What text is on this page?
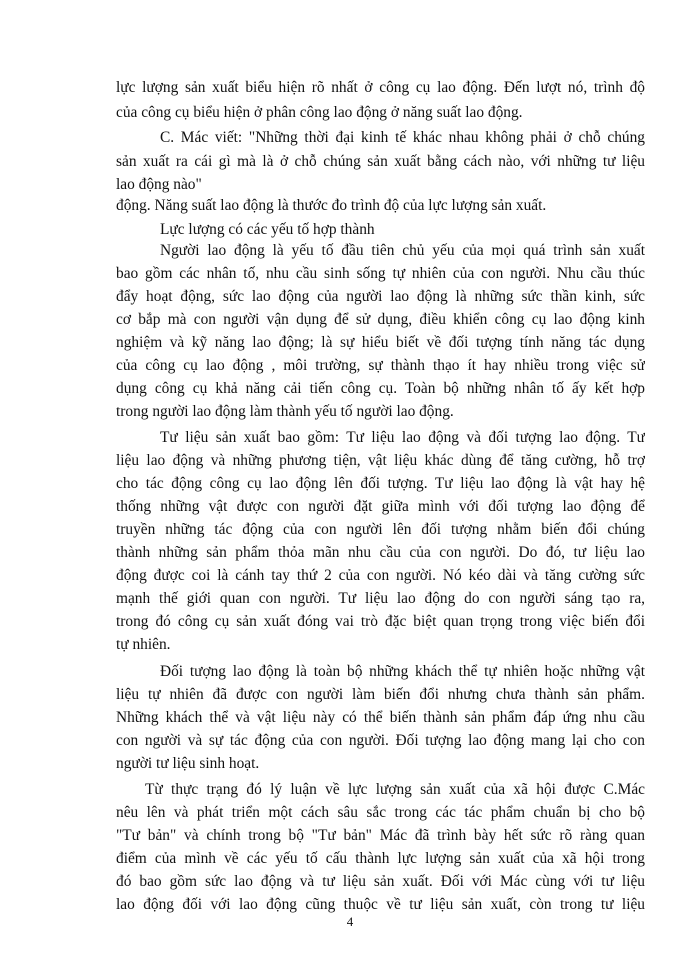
lực lượng sản xuất biểu hiện rõ nhất ở công cụ lao động. Đến lượt nó, trình độ
của công cụ biểu hiện ở phân công lao động ở năng suất lao động.
C. Mác viết: "Những thời đại kinh tế khác nhau không phải ở chỗ chúng
sản xuất ra cái gì mà là ở chỗ chúng sản xuất bằng cách nào, với những tư liệu
lao động nào"
động. Năng suất lao động là thước đo trình độ của lực lượng sản xuất.
Lực lượng có các yếu tố hợp thành
Người lao động là yếu tố đầu tiên chủ yếu của mọi quá trình sản xuất
bao gồm các nhân tố, nhu cầu sinh sống tự nhiên của con người. Nhu cầu thúc
đẩy hoạt động, sức lao động của người lao động là những sức thần kinh, sức
cơ bắp mà con người vận dụng để sử dụng, điều khiển công cụ lao động kinh
nghiệm và kỹ năng lao động; là sự hiểu biết về đối tượng tính năng tác dụng
của công cụ lao động , môi trường, sự thành thạo ít hay nhiều trong việc sử
dụng công cụ khả năng cải tiến công cụ. Toàn bộ những nhân tố ấy kết hợp
trong người lao động làm thành yếu tố người lao động.
Tư liệu sản xuất bao gồm: Tư liệu lao động và đối tượng lao động. Tư
liệu lao động và những phương tiện, vật liệu khác dùng để tăng cường, hỗ trợ
cho tác động công cụ lao động lên đối tượng. Tư liệu lao động là vật hay hệ
thống những vật được con người đặt giữa mình với đối tượng lao động để
truyền những tác động của con người lên đối tượng nhằm biến đổi chúng
thành những sản phẩm thỏa mãn nhu cầu của con người. Do đó, tư liệu lao
động được coi là cánh tay thứ 2 của con người. Nó kéo dài và tăng cường sức
mạnh thế giới quan con người. Tư liệu lao động do con người sáng tạo ra,
trong đó công cụ sản xuất đóng vai trò đặc biệt quan trọng trong việc biến đổi
tự nhiên.
Đối tượng lao động là toàn bộ những khách thể tự nhiên hoặc những vật
liệu tự nhiên đã được con người làm biến đổi nhưng chưa thành sản phẩm.
Những khách thể và vật liệu này có thể biến thành sản phẩm đáp ứng nhu cầu
con người và sự tác động của con người. Đối tượng lao động mang lại cho con
người tư liệu sinh hoạt.
Từ thực trạng đó lý luận về lực lượng sản xuất của xã hội được C.Mác
nêu lên và phát triển một cách sâu sắc trong các tác phẩm chuẩn bị cho bộ
"Tư bản" và chính trong bộ "Tư bản" Mác đã trình bày hết sức rõ ràng quan
điểm của mình về các yếu tố cấu thành lực lượng sản xuất của xã hội trong
đó bao gồm sức lao động và tư liệu sản xuất. Đối với Mác cùng với tư liệu
lao động đối với lao động cũng thuộc về tư liệu sản xuất, còn trong tư liệu
4
